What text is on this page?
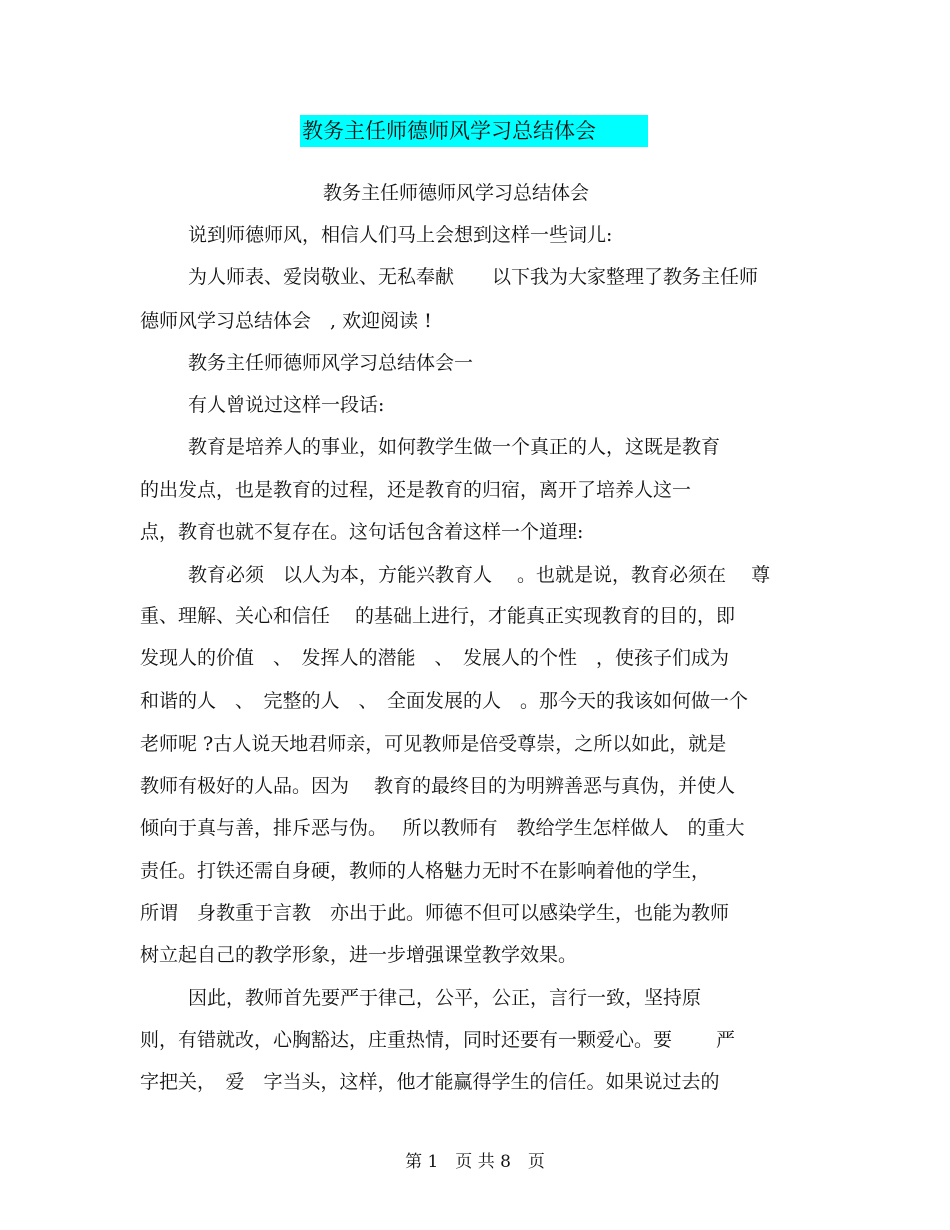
教务主任师德师风学习总结体会
教务主任师德师风学习总结体会
说到师德师风，相信人们马上会想到这样一些词儿:
为人师表、爱岗敬业、无私奉献　　以下我为大家整理了教务主任师
德师风学习总结体会　, 欢迎阅读 !
教务主任师德师风学习总结体会一
有人曾说过这样一段话:
教育是培养人的事业，如何教学生做一个真正的人，这既是教育
的出发点，也是教育的过程，还是教育的归宿，离开了培养人这一
点，教育也就不复存在。这句话包含着这样一个道理:
教育必须　以人为本，方能兴教育人　 。也就是说，教育必须在　 尊
重、理解、关心和信任　 的基础上进行，才能真正实现教育的目的，即
发现人的价值　、　发挥人的潜能　、　发展人的个性　，使孩子们成为
和谐的人　、　完整的人　、　全面发展的人　。那今天的我该如何做一个
老师呢 ?古人说天地君师亲，可见教师是倍受尊崇，之所以如此，就是
教师有极好的人品。因为　 教育的最终目的为明辨善恶与真伪，并使人
倾向于真与善，排斥恶与伪。　 所以教师有　教给学生怎样做人　的重大
责任。打铁还需自身硬，教师的人格魅力无时不在影响着他的学生，
所谓　身教重于言教　亦出于此。师德不但可以感染学生，也能为教师
树立起自己的教学形象，进一步增强课堂教学效果。
因此，教师首先要严于律己，公平，公正，言行一致，坚持原
则，有错就改，心胸豁达，庄重热情，同时还要有一颗爱心。要　　 严
字把关，　爱　字当头，这样，他才能赢得学生的信任。如果说过去的
第 1　页 共 8　页
